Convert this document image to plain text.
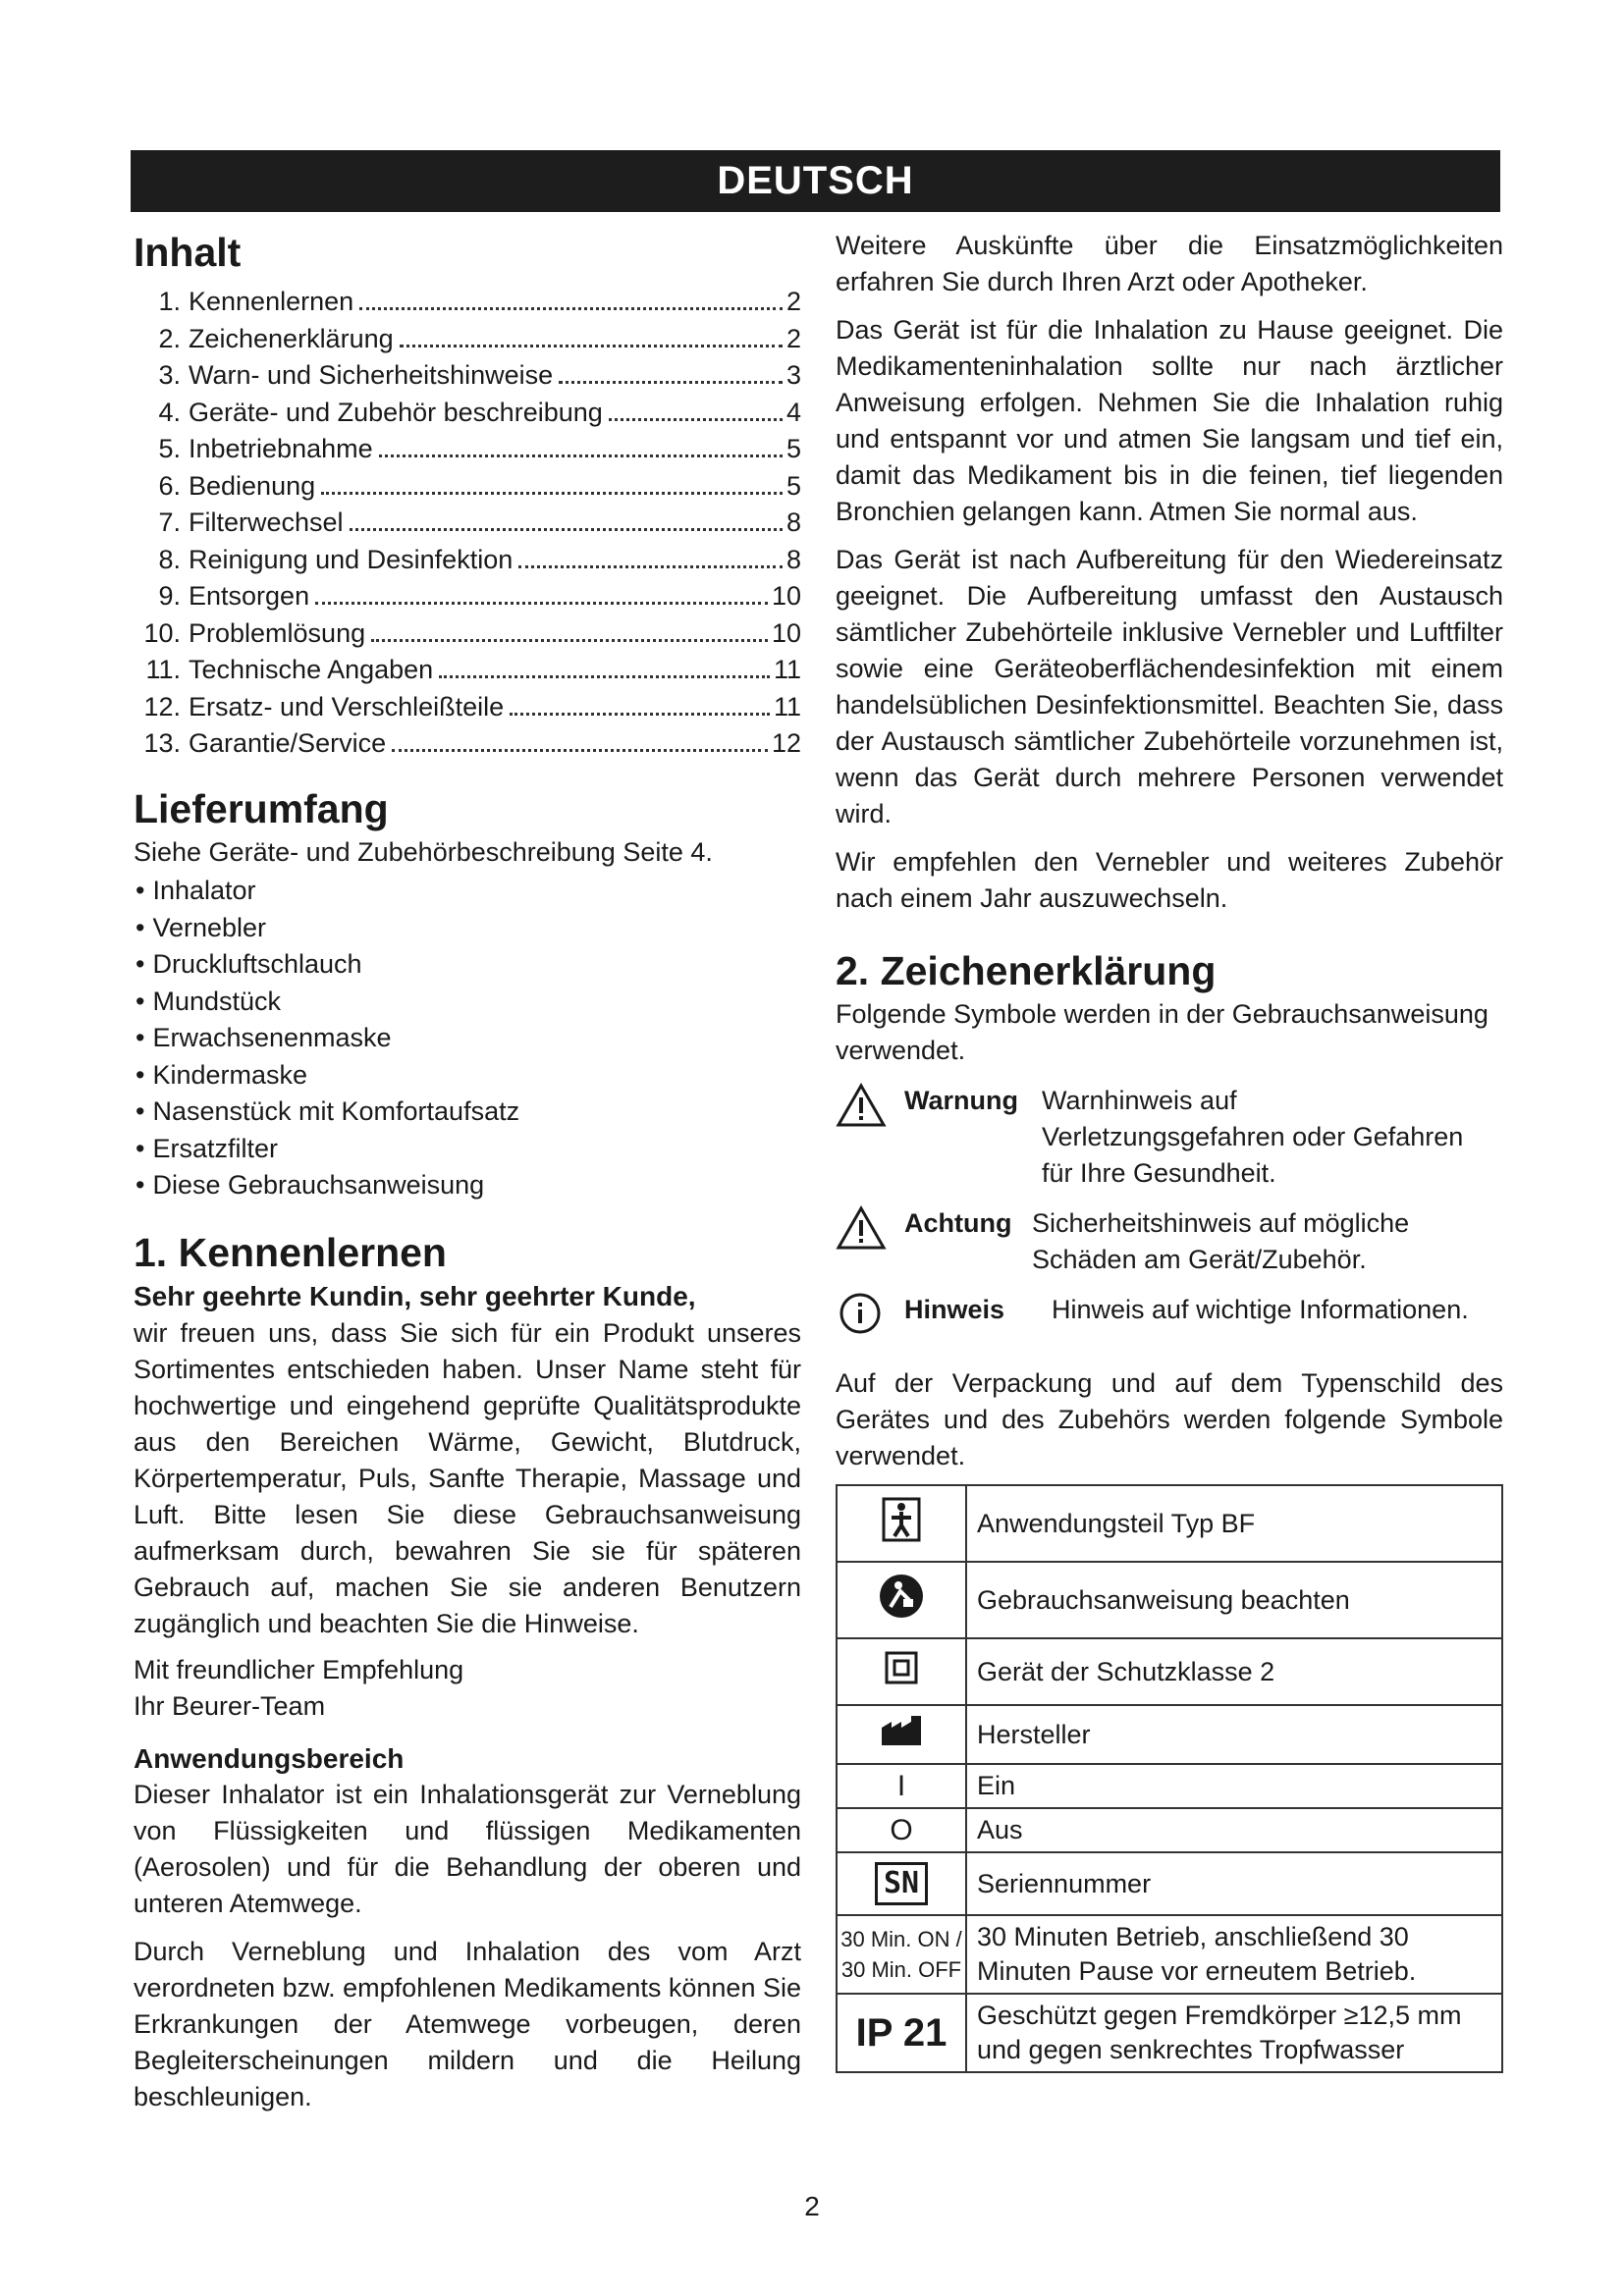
DEUTSCH
Inhalt
1. Kennenlernen	2
2. Zeichenerklärung	2
3. Warn- und Sicherheitshinweise	3
4. Geräte- und Zubehör beschreibung	4
5. Inbetriebnahme	5
6. Bedienung	5
7. Filterwechsel	8
8. Reinigung und Desinfektion	8
9. Entsorgen	10
10. Problemlösung	10
11. Technische Angaben	11
12. Ersatz- und Verschleißteile	11
13. Garantie/Service	12
Lieferumfang

Siehe Geräte- und Zubehörbeschreibung Seite 4.

• Inhalator
• Vernebler
• Druckluftschlauch
• Mundstück
• Erwachsenenmaske
• Kindermaske
• Nasenstück mit Komfortaufsatz
• Ersatzfilter
• Diese Gebrauchsanweisung
1. Kennenlernen
Sehr geehrte Kundin, sehr geehrter Kunde,

wir freuen uns, dass Sie sich für ein Produkt unseres Sortimentes entschieden haben. Unser Name steht für hochwertige und eingehend geprüfte Qualitätsprodukte aus den Bereichen Wärme, Gewicht, Blutdruck, Körpertemperatur, Puls, Sanfte Therapie, Massage und Luft. Bitte lesen Sie diese Gebrauchsanweisung aufmerksam durch, bewahren Sie sie für späteren Gebrauch auf, machen Sie sie anderen Benutzern zugänglich und beachten Sie die Hinweise.

Mit freundlicher Empfehlung

Ihr Beurer-Team

Anwendungsbereich

Dieser Inhalator ist ein Inhalationsgerät zur Verneblung von Flüssigkeiten und flüssigen Medikamenten (Aerosolen) und für die Behandlung der oberen und unteren Atemwege.

Durch Verneblung und Inhalation des vom Arzt verordneten bzw. empfohlenen Medikaments können Sie Erkrankungen der Atemwege vorbeugen, deren Begleiterscheinungen mildern und die Heilung beschleunigen.

Weitere Auskünfte über die Einsatzmöglichkeiten erfahren Sie durch Ihren Arzt oder Apotheker.

Das Gerät ist für die Inhalation zu Hause geeignet. Die Medikamenteninhalation sollte nur nach ärztlicher Anweisung erfolgen. Nehmen Sie die Inhalation ruhig und entspannt vor und atmen Sie langsam und tief ein, damit das Medikament bis in die feinen, tief liegenden Bronchien gelangen kann. Atmen Sie normal aus.

Das Gerät ist nach Aufbereitung für den Wiedereinsatz geeignet. Die Aufbereitung umfasst den Austausch sämtlicher Zubehörteile inklusive Vernebler und Luftfilter sowie eine Geräteoberflächendesinfektion mit einem handelsüblichen Desinfektionsmittel. Beachten Sie, dass der Austausch sämtlicher Zubehörteile vorzunehmen ist, wenn das Gerät durch mehrere Personen verwendet wird.

Wir empfehlen den Vernebler und weiteres Zubehör nach einem Jahr auszuwechseln.

2. Zeichenerklärung

Folgende Symbole werden in der Gebrauchsanweisung verwendet.

Warnung Warnhinweis auf Verletzungsgefahren oder Gefahren für Ihre Gesundheit.
Achtung Sicherheitshinweis auf mögliche Schäden am Gerät/Zubehör.
Hinweis	Hinweis auf wichtige Informationen.

Auf der Verpackung und auf dem Typenschild des Gerätes und des Zubehörs werden folgende Symbole verwendet.

	Anwendungsteil Typ BF
	Gebrauchsanweisung beachten
	Gerät der Schutzklasse 2
	Hersteller
I	Ein
O	Aus
SN	Seriennummer

30 Min. ON /
30 Min. OFF	30 Minuten Betrieb, anschließend 30 Minuten Pause vor erneutem Betrieb.
IP 21	Geschützt gegen Fremdkörper ≥12,5 mm und gegen senkrechtes Tropfwasser
2
